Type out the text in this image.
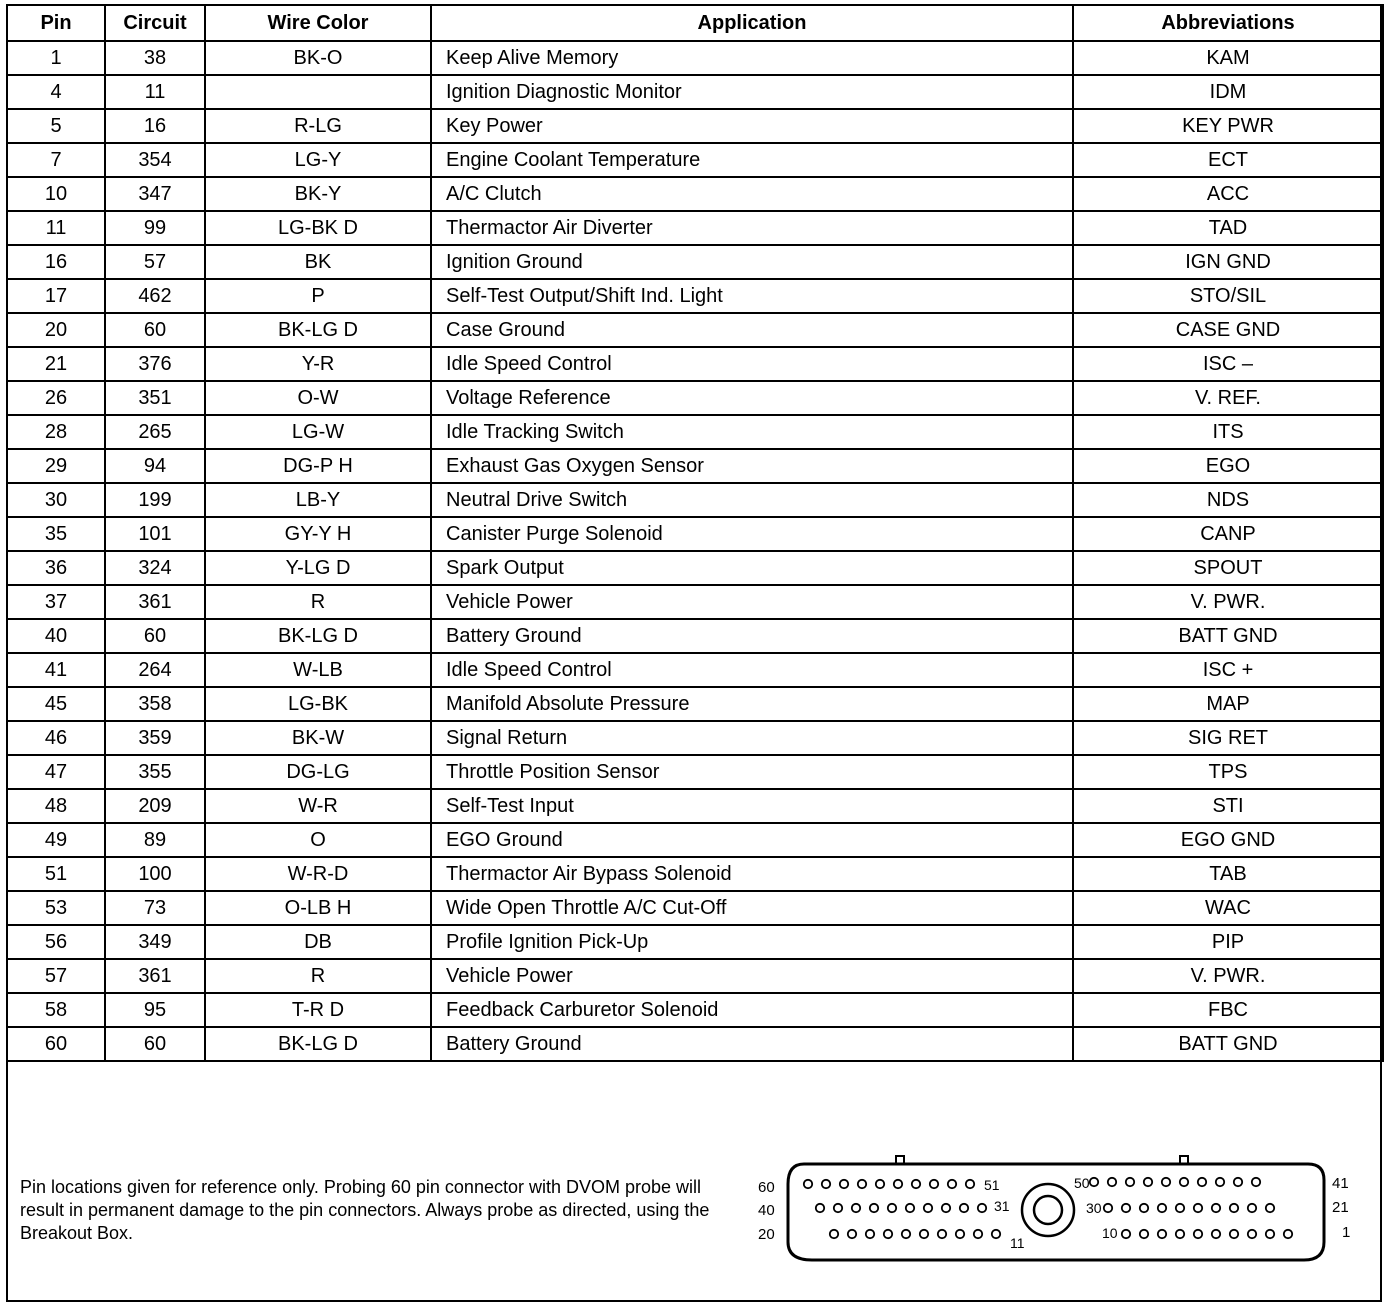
Pin	Circuit	Wire Color	Application	Abbreviations
1	38	BK-O	Keep Alive Memory	KAM
4	11		Ignition Diagnostic Monitor	IDM
5	16	R-LG	Key Power	KEY PWR
7	354	LG-Y	Engine Coolant Temperature	ECT
10	347	BK-Y	A/C Clutch	ACC
11	99	LG-BK D	Thermactor Air Diverter	TAD
16	57	BK	Ignition Ground	IGN GND
17	462	P	Self-Test Output/Shift Ind. Light	STO/SIL
20	60	BK-LG D	Case Ground	CASE GND
21	376	Y-R	Idle Speed Control	ISC –
26	351	O-W	Voltage Reference	V. REF.
28	265	LG-W	Idle Tracking Switch	ITS
29	94	DG-P H	Exhaust Gas Oxygen Sensor	EGO
30	199	LB-Y	Neutral Drive Switch	NDS
35	101	GY-Y H	Canister Purge Solenoid	CANP
36	324	Y-LG D	Spark Output	SPOUT
37	361	R	Vehicle Power	V. PWR.
40	60	BK-LG D	Battery Ground	BATT GND
41	264	W-LB	Idle Speed Control	ISC +
45	358	LG-BK	Manifold Absolute Pressure	MAP
46	359	BK-W	Signal Return	SIG RET
47	355	DG-LG	Throttle Position Sensor	TPS
48	209	W-R	Self-Test Input	STI
49	89	O	EGO Ground	EGO GND
51	100	W-R-D	Thermactor Air Bypass Solenoid	TAB
53	73	O-LB H	Wide Open Throttle A/C Cut-Off	WAC
56	349	DB	Profile Ignition Pick-Up	PIP
57	361	R	Vehicle Power	V. PWR.
58	95	T-R D	Feedback Carburetor Solenoid	FBC
60	60	BK-LG D	Battery Ground	BATT GND
Pin locations given for reference only. Probing 60 pin connector with DVOM probe will result in permanent damage to the pin connectors. Always probe as directed, using the Breakout Box.
60
40
20
41
21
1
51	50
31	30
10
11
